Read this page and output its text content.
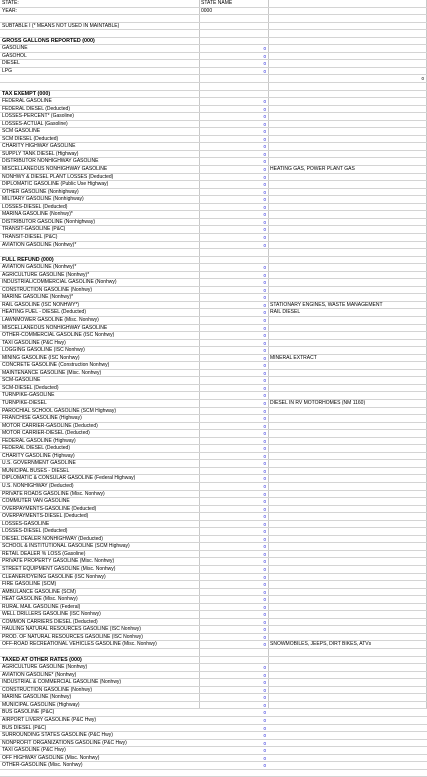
STATE:	STATE NAME
YEAR:	0000
SUBTABLE I (* MEANS NOT USED IN MAINTABLE)
GROSS GALLONS REPORTED (000)
GASOLINE	0
GASOHOL	0
DIESEL	0
LPG	0
0
TAX EXEMPT (000)
FEDERAL GASOLINE	0
FEDERAL DIESEL (Deducted)	0
LOSSES-PERCENT* (Gasoline)	0
LOSSES-ACTUAL (Gasoline)	0
SCM GASOLINE	0
SCM DIESEL (Deducted)	0
CHARITY HIGHWAY GASOLINE	0
SUPPLY TANK DIESEL (Highway)	0
DISTRIBUTOR NONHIGHWAY GASOLINE	0
MISCELLANEOUS NONHIGHWAY GASOLINE	0 HEATING GAS, POWER PLANT GAS
NONHWY & DIESEL PLANT LOSSES (Deducted)	0
DIPLOMATIC GASOLINE (Public Use Highway)	0
OTHER GASOLINE (Nonhighway)	0
MILITARY GASOLINE (Nonhighway)	0
LOSSES-DIESEL (Deducted)	0
MARINA GASOLINE (Nonhwy)*	0
DISTRIBUTOR GASOLINE (Nonhighway)	0
TRANSIT-GASOLINE (P&C)	0
TRANSIT-DIESEL (P&C)	0
AVIATION GASOLINE (Nonhwy)*	0
FULL REFUND (000)
AVIATION GASOLINE (Nonhwy)*	0
AGRICULTURE GASOLINE (Nonhwy)*	0
INDUSTRIAL/COMMERCIAL GASOLINE (Nonhwy)	0
CONSTRUCTION GASOLINE (Nonhwy)	0
MARINE GASOLINE (Nonhwy)*	0
RAIL GASOLINE (ISC NONHWY*)	0 STATIONARY ENGINES, WASTE MANAGEMENT
HEATING FUEL - DIESEL (Deducted)	0 RAIL DIESEL
LAWNMOWER GASOLINE (Misc. Nonhwy)	0
MISCELLANEOUS NONHIGHWAY GASOLINE	0
OTHER-COMMERCIAL GASOLINE (ISC Nonhwy)	0
TAXI GASOLINE (P&C Hwy)	0
LOGGING GASOLINE (ISC Nonhwy)	0
MINING GASOLINE (ISC Nonhwy)	0 MINERAL EXTRACT
CONCRETE GASOLINE (Construction Nonhwy)	0
MAINTENANCE GASOLINE (Misc. Nonhwy)	0
SCM-GASOLINE	0
SCM-DIESEL (Deducted)	0
TURNPIKE-GASOLINE	0
TURNPIKE-DIESEL	0 DIESEL IN RV MOTORHOMES (NM 1160)
PAROCHIAL SCHOOL GASOLINE (SCM Highway)	0
FRANCHISE GASOLINE (Highway)	0
MOTOR CARRIER-GASOLINE (Deducted)	0
MOTOR CARRIER-DIESEL (Deducted)	0
FEDERAL GASOLINE (Highway)	0
FEDERAL DIESEL (Deducted)	0
CHARITY GASOLINE (Highway)	0
U.S. GOVERNMENT GASOLINE	0
MUNICIPAL BUSES - DIESEL	0
DIPLOMATIC & CONSULAR GASOLINE (Federal Highway)	0
U.S. NONHIGHWAY (Deducted)	0
PRIVATE ROADS GASOLINE (Misc. Nonhwy)	0
COMMUTER VAN GASOLINE	0
OVERPAYMENTS-GASOLINE (Deducted)	0
OVERPAYMENTS-DIESEL (Deducted)	0
LOSSES-GASOLINE	0
LOSSES-DIESEL (Deducted)	0
DIESEL DEALER NONHIGHWAY (Deducted)	0
SCHOOL & INSTITUTIONAL GASOLINE (SCM Highway)	0
RETAIL DEALER % LOSS (Gasoline)	0
PRIVATE PROPERTY GASOLINE (Misc. Nonhwy)	0
STREET EQUIPMENT GASOLINE (Misc. Nonhwy)	0
CLEANER/DYEING GASOLINE (ISC Nonhwy)	0
FIRE GASOLINE (SCM)	0
AMBULANCE GASOLINE (SCM)	0
HEAT GASOLINE (Misc. Nonhwy)	0
RURAL MAIL GASOLINE (Federal)	0
WELL DRILLERS GASOLINE (ISC Nonhwy)	0
COMMON CARRIERS DIESEL (Deducted)	0
HAULING NATURAL RESOURCES GASOLINE (ISC Nonhwy)	0
PROD. OF NATURAL RESOURCES GASOLINE (ISC Nonhwy)	0
OFF-ROAD RECREATIONAL VEHICLES GASOLINE (Misc. Nonhwy)	0 SNOWMOBILES, JEEPS, DIRT BIKES, ATVs
TAXED AT OTHER RATES (000)
AGRICULTURE GASOLINE (Nonhwy)	0
AVIATION GASOLINE* (Nonhwy)	0
INDUSTRIAL & COMMERCIAL GASOLINE (Nonhwy)	0
CONSTRUCTION GASOLINE (Nonhwy)	0
MARINE GASOLINE (Nonhwy)	0
MUNICIPAL GASOLINE (Highway)	0
BUS GASOLINE (P&C)	0
AIRPORT LIVERY GASOLINE (P&C Hwy)	0
BUS DIESEL (P&C)	0
SURROUNDING STATES GASOLINE (P&C Hwy)	0
NONPROFIT ORGANIZATIONS GASOLINE (P&C Hwy)	0
TAXI GASOLINE (P&C Hwy)	0
OFF HIGHWAY GASOLINE (Misc. Nonhwy)	0
OTHER-GASOLINE (Misc. Nonhwy)	0
